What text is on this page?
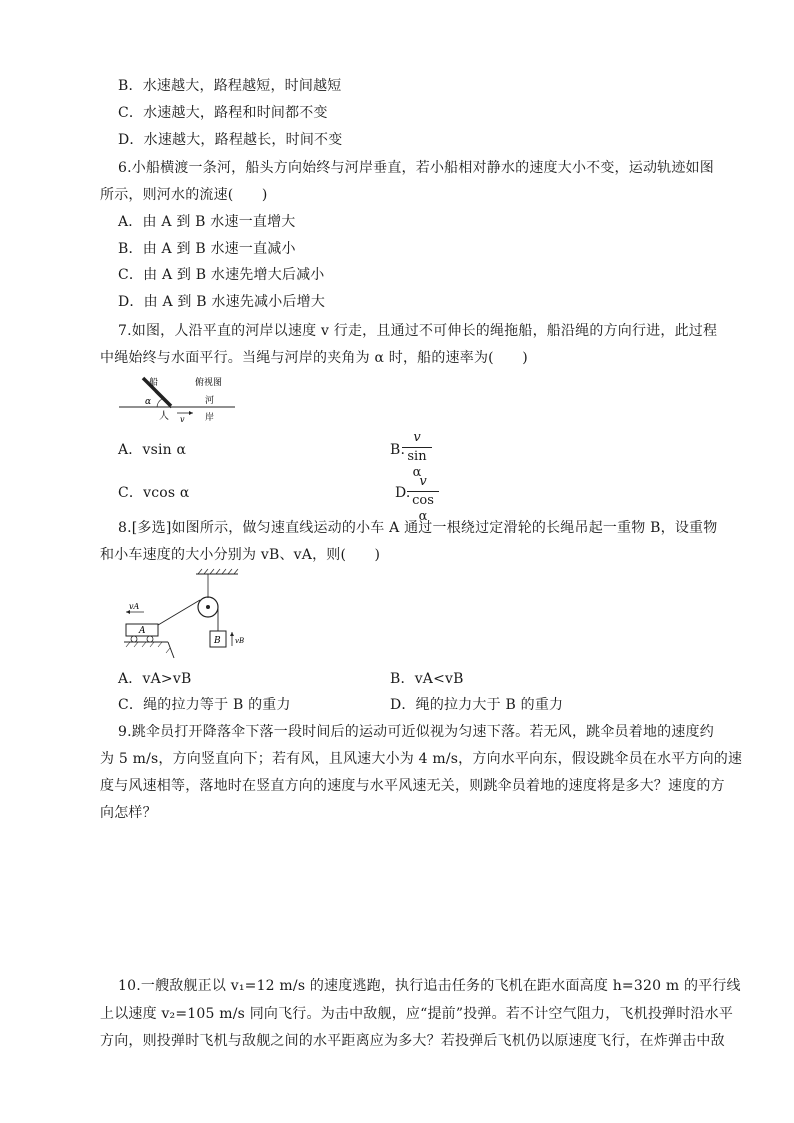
B．水速越大，路程越短，时间越短
C．水速越大，路程和时间都不变
D．水速越大，路程越长，时间不变
6.小船横渡一条河，船头方向始终与河岸垂直，若小船相对静水的速度大小不变，运动轨迹如图
所示，则河水的流速(　　)
A．由 A 到 B 水速一直增大
B．由 A 到 B 水速一直减小
C．由 A 到 B 水速先增大后减小
D．由 A 到 B 水速先减小后增大
7.如图，人沿平直的河岸以速度 v 行走，且通过不可伸长的绳拖船，船沿绳的方向行进，此过程
中绳始终与水面平行。当绳与河岸的夹角为 α 时，船的速率为(　　)
船	俯视图
α	河
岸
人 v
A．vsin α	B.
v
sin α
C．vcos α	D.
v
cos α
8.[多选]如图所示，做匀速直线运动的小车 A 通过一根绕过定滑轮的长绳吊起一重物 B，设重物
和小车速度的大小分别为 vB、vA，则(　　)
vA
A
B vB
A．vA>vB	B．vA<vB
C．绳的拉力等于 B 的重力	D．绳的拉力大于 B 的重力
9.跳伞员打开降落伞下落一段时间后的运动可近似视为匀速下落。若无风，跳伞员着地的速度约
为 5 m/s，方向竖直向下；若有风，且风速大小为 4 m/s，方向水平向东，假设跳伞员在水平方向的速
度与风速相等，落地时在竖直方向的速度与水平风速无关，则跳伞员着地的速度将是多大？速度的方
向怎样？
10.一艘敌舰正以 v₁=12 m/s 的速度逃跑，执行追击任务的飞机在距水面高度 h=320 m 的平行线
上以速度 v₂=105 m/s 同向飞行。为击中敌舰，应“提前”投弹。若不计空气阻力，飞机投弹时沿水平
方向，则投弹时飞机与敌舰之间的水平距离应为多大？若投弹后飞机仍以原速度飞行，在炸弹击中敌
